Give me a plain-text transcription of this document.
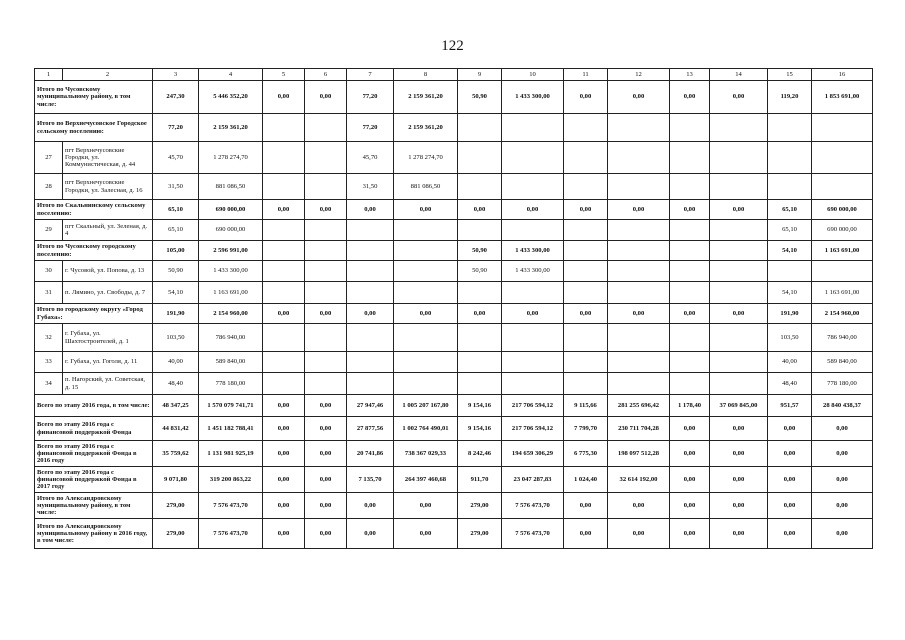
122
1	2	3	4	5	6	7	8	9	10	11	12	13	14	15	16
Итого по Чусовскому муниципальному району, в том числе:		247,30	5 446 352,20	0,00	0,00	77,20	2 159 361,20	50,90	1 433 300,00	0,00	0,00	0,00	0,00	119,20	1 853 691,00
Итого по Верхнечусовское Городское сельскому поселению:		77,20	2 159 361,20			77,20	2 159 361,20								
27	пгт Верхнечусовские Городки, ул. Коммунистическая, д. 44	45,70	1 278 274,70			45,70	1 278 274,70								
28	пгт Верхнечусовские Городки, ул. Залесная, д. 16	31,50	881 086,50			31,50	881 086,50								
Итого по Скальнинскому сельскому поселению:		65,10	690 000,00	0,00	0,00	0,00	0,00	0,00	0,00	0,00	0,00	0,00	0,00	65,10	690 000,00
29	пгт Скальный, ул. Зеленая, д. 4	65,10	690 000,00											65,10	690 000,00
Итого по Чусовскому городскому поселению:		105,00	2 596 991,00					50,90	1 433 300,00					54,10	1 163 691,00
30	г. Чусовой, ул. Попова, д. 13	50,90	1 433 300,00					50,90	1 433 300,00						
31	п. Лямино, ул. Свободы, д. 7	54,10	1 163 691,00											54,10	1 163 691,00
Итого по городскому округу «Город Губаха»:		191,90	2 154 960,00	0,00	0,00	0,00	0,00	0,00	0,00	0,00	0,00	0,00	0,00	191,90	2 154 960,00
32	г. Губаха, ул. Шахтостроителей, д. 1	103,50	786 940,00											103,50	786 940,00
33	г. Губаха, ул. Гоголя, д. 11	40,00	589 840,00											40,00	589 840,00
34	п. Нагорский, ул. Советская, д. 15	48,40	778 180,00											48,40	778 180,00
Всего по этапу 2016 года, в том числе:		48 347,25	1 570 079 741,71	0,00	0,00	27 947,46	1 005 207 167,80	9 154,16	217 706 594,12	9 115,66	281 255 696,42	1 178,40	37 069 845,00	951,57	28 840 438,37
Всего по этапу 2016 года с финансовой поддержкой Фонда		44 831,42	1 451 182 788,41	0,00	0,00	27 877,56	1 002 764 490,01	9 154,16	217 706 594,12	7 799,70	230 711 704,28	0,00	0,00	0,00	0,00
Всего по этапу 2016 года с финансовой поддержкой Фонда в 2016 году		35 759,62	1 131 981 925,19	0,00	0,00	20 741,86	738 367 029,33	8 242,46	194 659 306,29	6 775,30	198 097 512,28	0,00	0,00	0,00	0,00
Всего по этапу 2016 года с финансовой поддержкой Фонда в 2017 году		9 071,80	319 200 863,22	0,00	0,00	7 135,70	264 397 460,68	911,70	23 047 287,83	1 024,40	32 614 192,00	0,00	0,00	0,00	0,00
Итого по Александровскому муниципальному району, в том числе:		279,00	7 576 473,70	0,00	0,00	0,00	0,00	279,00	7 576 473,70	0,00	0,00	0,00	0,00	0,00	0,00
Итого по Александровскому муниципальному району в 2016 году, в том числе:		279,00	7 576 473,70	0,00	0,00	0,00	0,00	279,00	7 576 473,70	0,00	0,00	0,00	0,00	0,00	0,00
